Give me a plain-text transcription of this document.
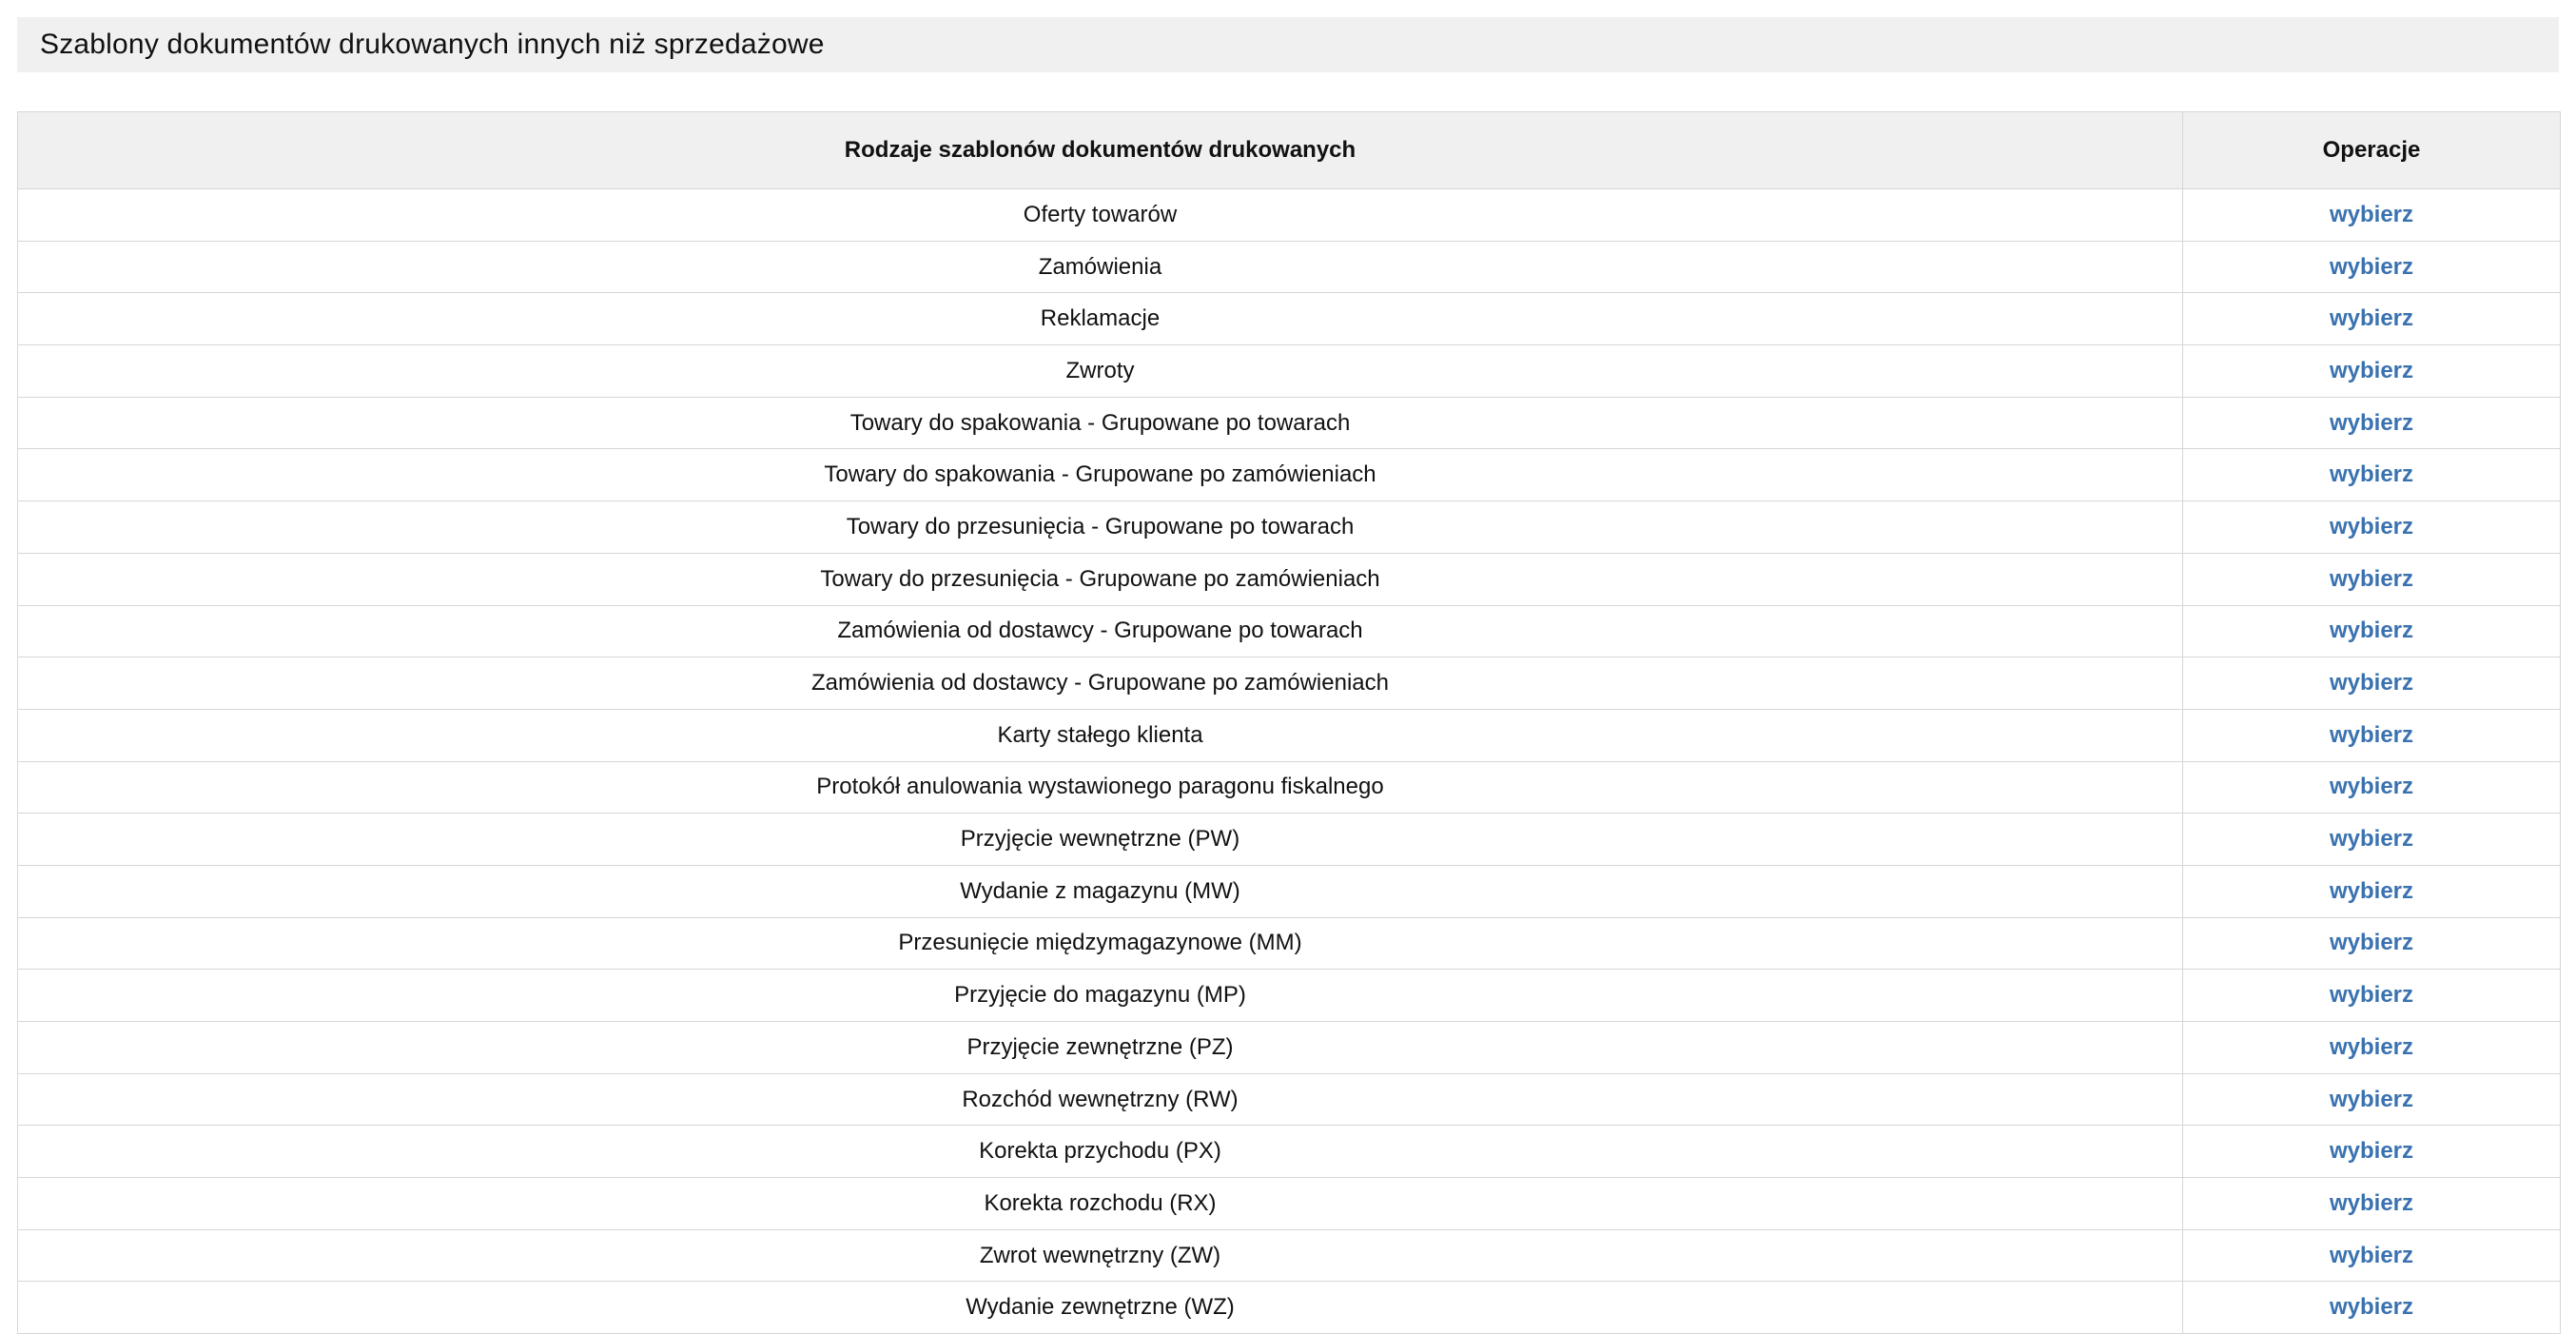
Szablony dokumentów drukowanych innych niż sprzedażowe
Rodzaje szablonów dokumentów drukowanych	Operacje
Oferty towarów	wybierz
Zamówienia	wybierz
Reklamacje	wybierz
Zwroty	wybierz
Towary do spakowania - Grupowane po towarach	wybierz
Towary do spakowania - Grupowane po zamówieniach	wybierz
Towary do przesunięcia - Grupowane po towarach	wybierz
Towary do przesunięcia - Grupowane po zamówieniach	wybierz
Zamówienia od dostawcy - Grupowane po towarach	wybierz
Zamówienia od dostawcy - Grupowane po zamówieniach	wybierz
Karty stałego klienta	wybierz
Protokół anulowania wystawionego paragonu fiskalnego	wybierz
Przyjęcie wewnętrzne (PW)	wybierz
Wydanie z magazynu (MW)	wybierz
Przesunięcie międzymagazynowe (MM)	wybierz
Przyjęcie do magazynu (MP)	wybierz
Przyjęcie zewnętrzne (PZ)	wybierz
Rozchód wewnętrzny (RW)	wybierz
Korekta przychodu (PX)	wybierz
Korekta rozchodu (RX)	wybierz
Zwrot wewnętrzny (ZW)	wybierz
Wydanie zewnętrzne (WZ)	wybierz
